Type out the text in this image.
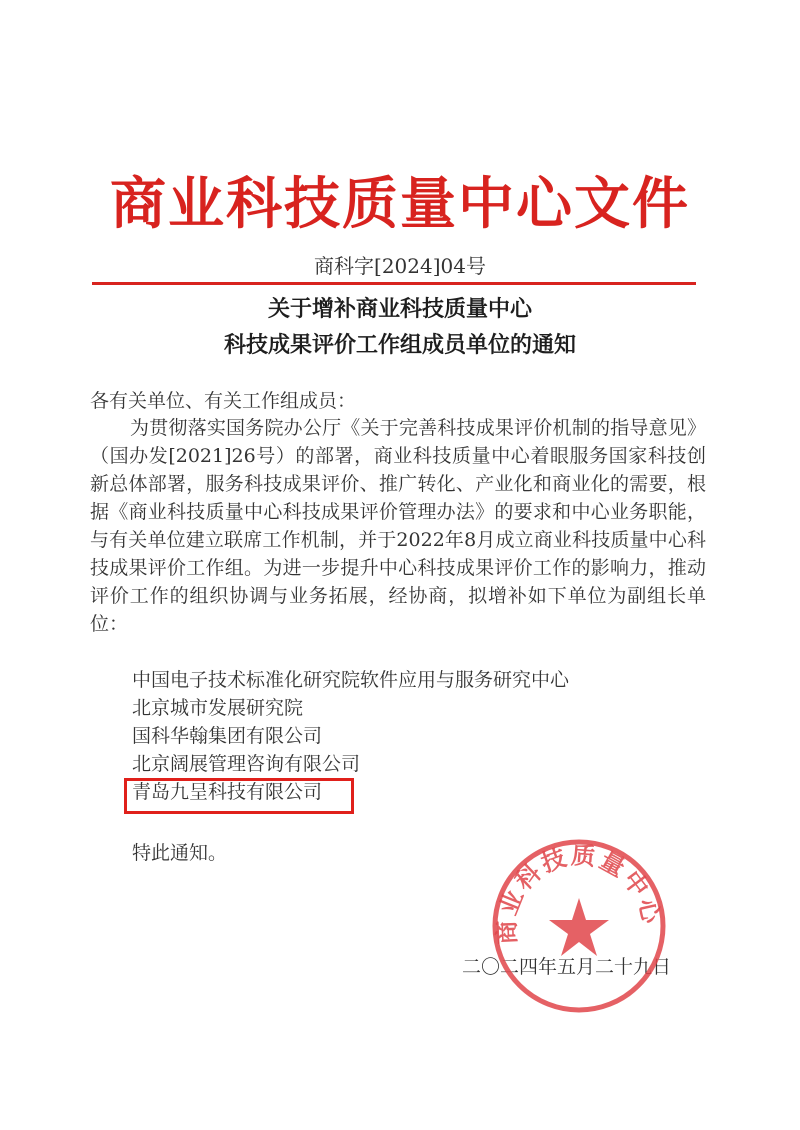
商业科技质量中心文件
商科字[2024]04号
关于增补商业科技质量中心
科技成果评价工作组成员单位的通知
各有关单位、有关工作组成员：
为贯彻落实国务院办公厅《关于完善科技成果评价机制的指导意见》（国办发[2021]26号）的部署，商业科技质量中心着眼服务国家科技创新总体部署，服务科技成果评价、推广转化、产业化和商业化的需要，根据《商业科技质量中心科技成果评价管理办法》的要求和中心业务职能，与有关单位建立联席工作机制，并于2022年8月成立商业科技质量中心科技成果评价工作组。为进一步提升中心科技成果评价工作的影响力，推动评价工作的组织协调与业务拓展，经协商，拟增补如下单位为副组长单位：
中国电子技术标准化研究院软件应用与服务研究中心
北京城市发展研究院
国科华翰集团有限公司
北京阔展管理咨询有限公司
青岛九呈科技有限公司
特此通知。
二〇二四年五月二十九日
商业科技质量中心
